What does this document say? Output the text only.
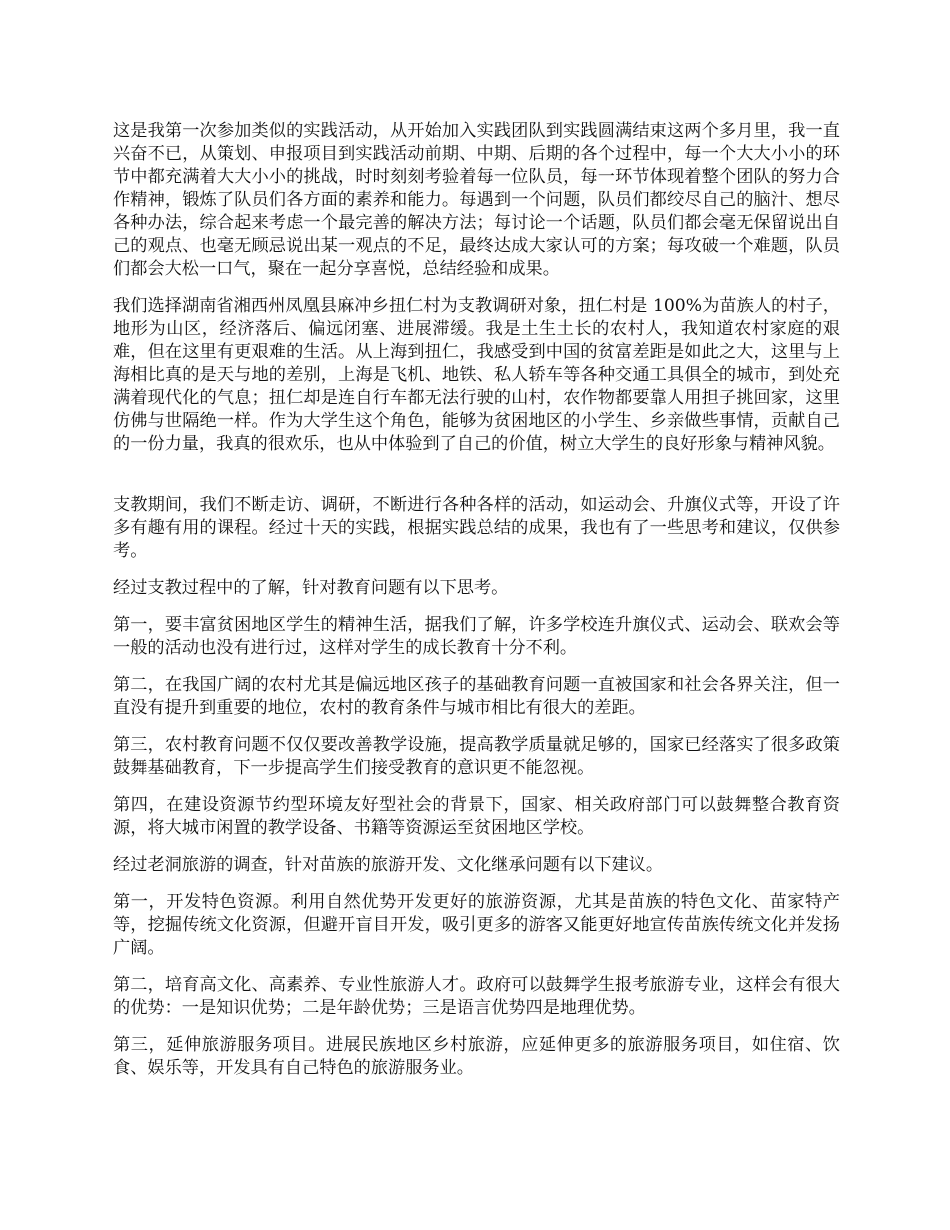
这是我第一次参加类似的实践活动，从开始加入实践团队到实践圆满结束这两个多月里，我一直兴奋不已，从策划、申报项目到实践活动前期、中期、后期的各个过程中，每一个大大小小的环节中都充满着大大小小的挑战，时时刻刻考验着每一位队员，每一环节体现着整个团队的努力合作精神，锻炼了队员们各方面的素养和能力。每遇到一个问题，队员们都绞尽自己的脑汁、想尽各种办法，综合起来考虑一个最完善的解决方法；每讨论一个话题，队员们都会毫无保留说出自己的观点、也毫无顾忌说出某一观点的不足，最终达成大家认可的方案；每攻破一个难题，队员们都会大松一口气，聚在一起分享喜悦，总结经验和成果。

我们选择湖南省湘西州凤凰县麻冲乡扭仁村为支教调研对象，扭仁村是 100%为苗族人的村子，地形为山区，经济落后、偏远闭塞、进展滞缓。我是土生土长的农村人，我知道农村家庭的艰难，但在这里有更艰难的生活。从上海到扭仁，我感受到中国的贫富差距是如此之大，这里与上海相比真的是天与地的差别，上海是飞机、地铁、私人轿车等各种交通工具俱全的城市，到处充满着现代化的气息；扭仁却是连自行车都无法行驶的山村，农作物都要靠人用担子挑回家，这里仿佛与世隔绝一样。作为大学生这个角色，能够为贫困地区的小学生、乡亲做些事情，贡献自己的一份力量，我真的很欢乐，也从中体验到了自己的价值，树立大学生的良好形象与精神风貌。

支教期间，我们不断走访、调研，不断进行各种各样的活动，如运动会、升旗仪式等，开设了许多有趣有用的课程。经过十天的实践，根据实践总结的成果，我也有了一些思考和建议，仅供参考。

经过支教过程中的了解，针对教育问题有以下思考。

第一，要丰富贫困地区学生的精神生活，据我们了解，许多学校连升旗仪式、运动会、联欢会等一般的活动也没有进行过，这样对学生的成长教育十分不利。

第二，在我国广阔的农村尤其是偏远地区孩子的基础教育问题一直被国家和社会各界关注，但一直没有提升到重要的地位，农村的教育条件与城市相比有很大的差距。

第三，农村教育问题不仅仅要改善教学设施，提高教学质量就足够的，国家已经落实了很多政策鼓舞基础教育，下一步提高学生们接受教育的意识更不能忽视。

第四，在建设资源节约型环境友好型社会的背景下，国家、相关政府部门可以鼓舞整合教育资源，将大城市闲置的教学设备、书籍等资源运至贫困地区学校。

经过老洞旅游的调查，针对苗族的旅游开发、文化继承问题有以下建议。

第一，开发特色资源。利用自然优势开发更好的旅游资源，尤其是苗族的特色文化、苗家特产等，挖掘传统文化资源，但避开盲目开发，吸引更多的游客又能更好地宣传苗族传统文化并发扬广阔。

第二，培育高文化、高素养、专业性旅游人才。政府可以鼓舞学生报考旅游专业，这样会有很大的优势：一是知识优势；二是年龄优势；三是语言优势四是地理优势。

第三，延伸旅游服务项目。进展民族地区乡村旅游，应延伸更多的旅游服务项目，如住宿、饮食、娱乐等，开发具有自己特色的旅游服务业。
